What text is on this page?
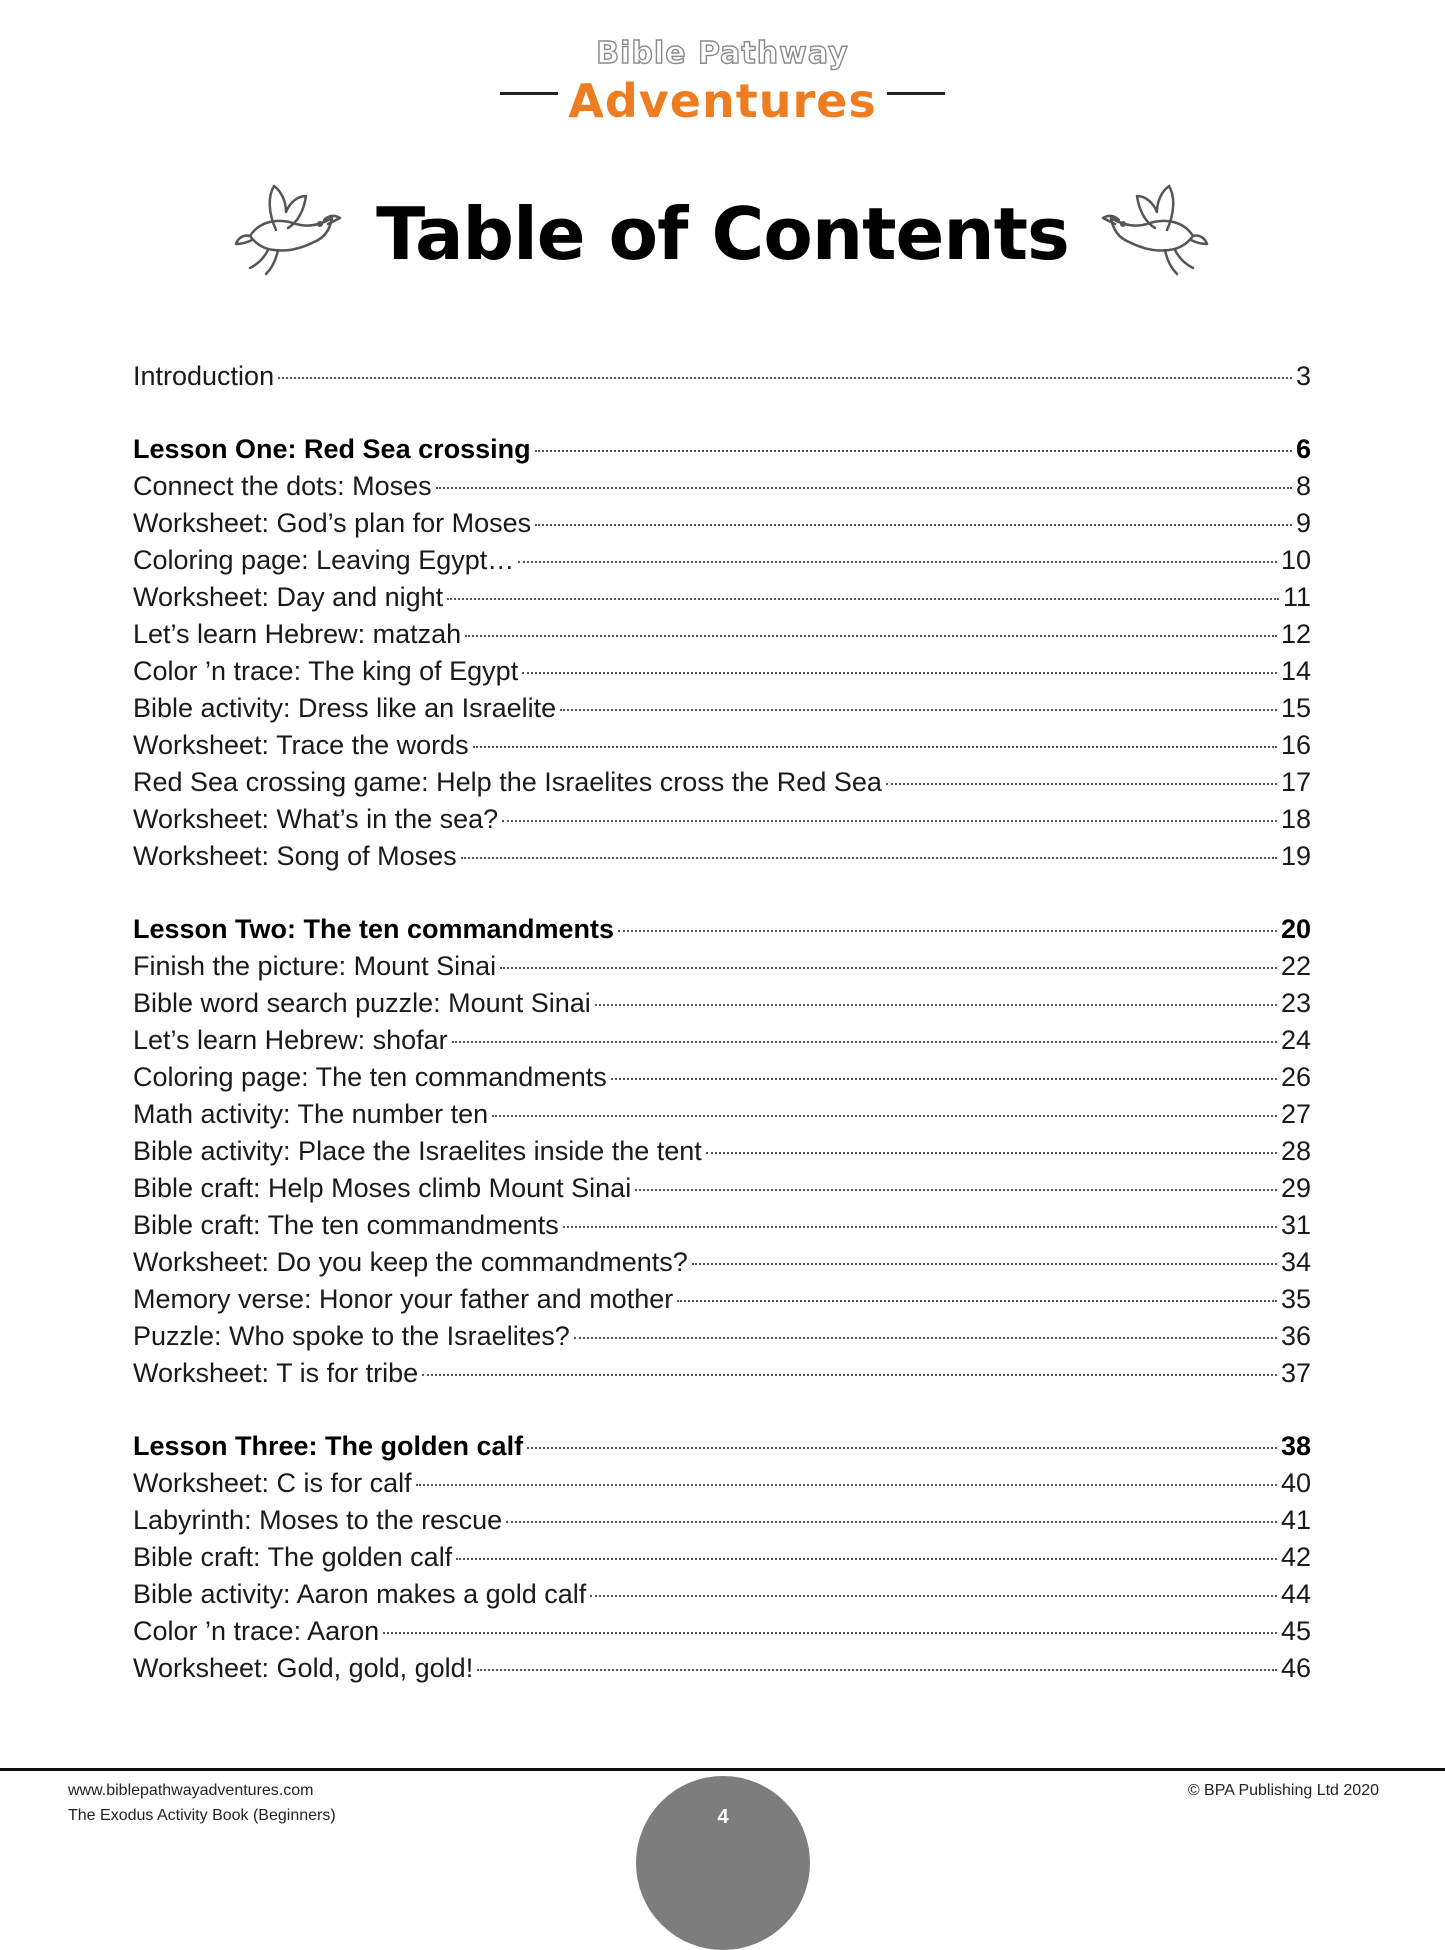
Bible Pathway
Adventures
Table of Contents
Introduction	3
Lesson One: Red Sea crossing	6
Connect the dots: Moses	8
Worksheet: God’s plan for Moses	9
Coloring page: Leaving Egypt…	10
Worksheet: Day and night	11
Let’s learn Hebrew: matzah	12
Color ’n trace: The king of Egypt	14
Bible activity: Dress like an Israelite	15
Worksheet: Trace the words	16
Red Sea crossing game: Help the Israelites cross the Red Sea	17
Worksheet: What’s in the sea?	18
Worksheet: Song of Moses	19
Lesson Two: The ten commandments	20
Finish the picture: Mount Sinai	22
Bible word search puzzle: Mount Sinai	23
Let’s learn Hebrew: shofar	24
Coloring page: The ten commandments	26
Math activity: The number ten	27
Bible activity: Place the Israelites inside the tent	28
Bible craft: Help Moses climb Mount Sinai	29
Bible craft: The ten commandments	31
Worksheet: Do you keep the commandments?	34
Memory verse: Honor your father and mother	35
Puzzle: Who spoke to the Israelites?	36
Worksheet: T is for tribe	37
Lesson Three: The golden calf	38
Worksheet: C is for calf	40
Labyrinth: Moses to the rescue	41
Bible craft: The golden calf	42
Bible activity: Aaron makes a gold calf	44
Color ’n trace: Aaron	45
Worksheet: Gold, gold, gold!	46
www.biblepathwayadventures.com
The Exodus Activity Book (Beginners)
© BPA Publishing Ltd 2020
4
